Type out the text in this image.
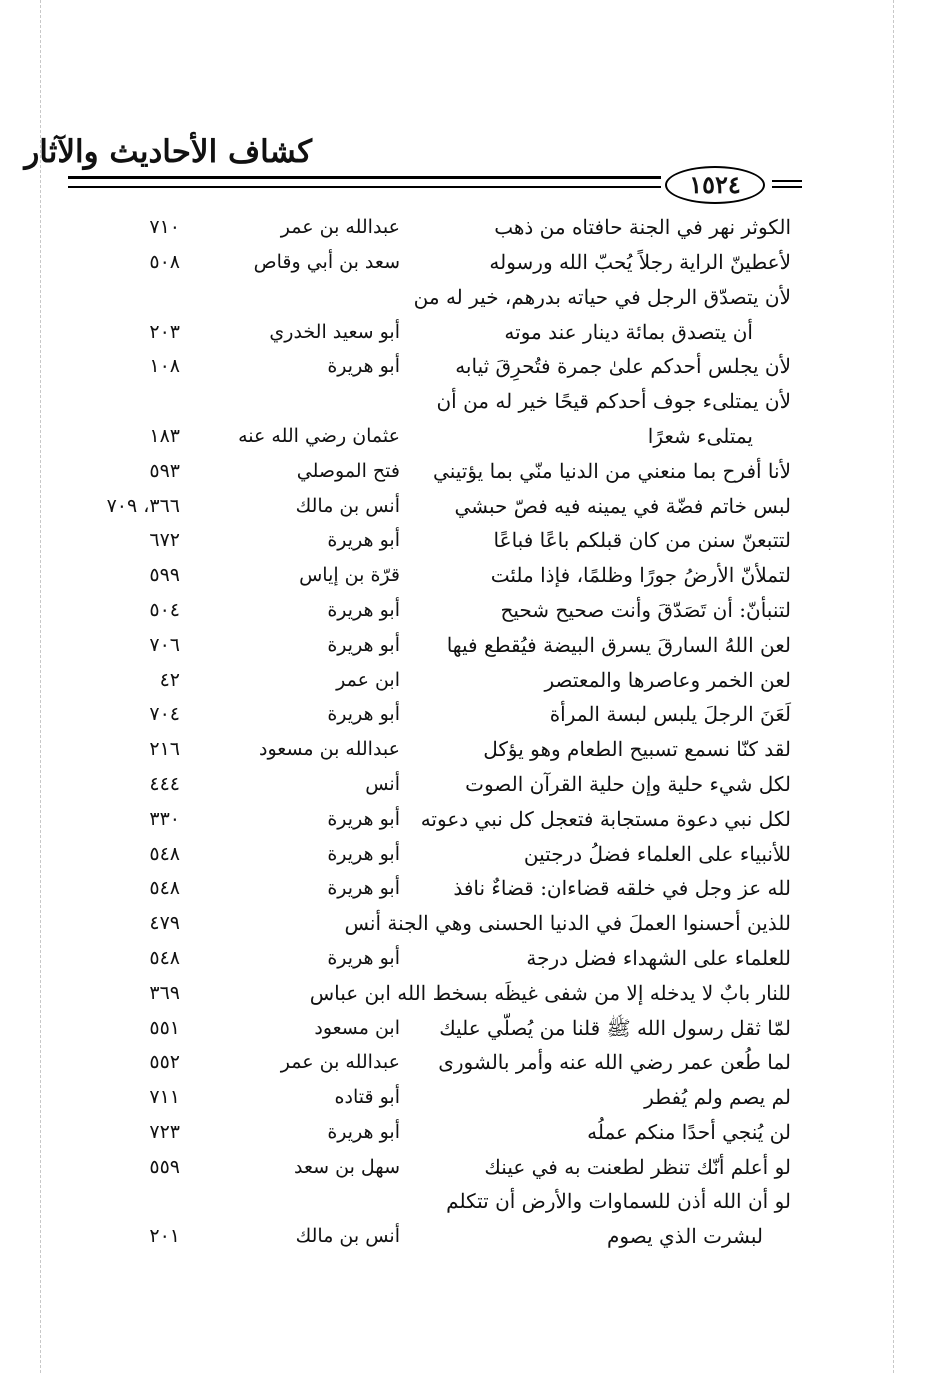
كشاف الأحاديث والآثار
١٥٢٤
الكوثر نهر في الجنة حافتاه من ذهب
عبدالله بن عمر
٧١٠
لأعطينّ الراية رجلاً يُحبّ الله ورسوله
سعد بن أبي وقاص
٥٠٨
لأن يتصدّق الرجل في حياته بدرهم، خير له من
أن يتصدق بمائة دينار عند موته
أبو سعيد الخدري
٢٠٣
لأن يجلس أحدكم علىٰ جمرة فتُحرِقَ ثيابه
أبو هريرة
١٠٨
لأن يمتلىء جوف أحدكم قيحًا خير له من أن
يمتلىء شعرًا
عثمان رضي الله عنه
١٨٣
لأنا أفرح بما منعني من الدنيا منّي بما يؤتيني
فتح الموصلي
٥٩٣
لبس خاتم فضّة في يمينه فيه فصّ حبشي
أنس بن مالك
٣٦٦، ٧٠٩
لتتبعنّ سنن من كان قبلكم باعًا فباعًا
أبو هريرة
٦٧٢
لتملأنّ الأرضُ جورًا وظلمًا، فإذا ملئت
قرّة بن إياس
٥٩٩
لتنبأنّ: أن تَصَدّقَ وأنت صحيح شحيح
أبو هريرة
٥٠٤
لعن اللهُ السارقَ يسرق البيضة فيُقطع فيها
أبو هريرة
٧٠٦
لعن الخمر وعاصرها والمعتصر
ابن عمر
٤٢
لَعَنَ الرجلَ يلبس لبسة المرأة
أبو هريرة
٧٠٤
لقد كنّا نسمع تسبيح الطعام وهو يؤكل
عبدالله بن مسعود
٢١٦
لكل شيء حلية وإن حلية القرآن الصوت
أنس
٤٤٤
لكل نبي دعوة مستجابة فتعجل كل نبي دعوته
أبو هريرة
٣٣٠
للأنبياء على العلماء فضلُ درجتين
أبو هريرة
٥٤٨
لله عز وجل في خلقه قضاءان: قضاءٌ نافذ
أبو هريرة
٥٤٨
للذين أحسنوا العملَ في الدنيا الحسنى وهي الجنة أنس
٤٧٩
للعلماء على الشهداء فضل درجة
أبو هريرة
٥٤٨
للنار بابٌ لا يدخله إلا من شفى غيظَه بسخط الله ابن عباس
٣٦٩
لمّا ثقل رسول الله ﷺ قلنا من يُصلّي عليك
ابن مسعود
٥٥١
لما طُعن عمر رضي الله عنه وأمر بالشورى
عبدالله بن عمر
٥٥٢
لم يصم ولم يُفطر
أبو قتاده
٧١١
لن يُنجي أحدًا منكم عملُه
أبو هريرة
٧٢٣
لو أعلم أنّك تنظر لطعنت به في عينك
سهل بن سعد
٥٥٩
لو أن الله أذن للسماوات والأرض أن تتكلم
لبشرت الذي يصوم
أنس بن مالك
٢٠١
